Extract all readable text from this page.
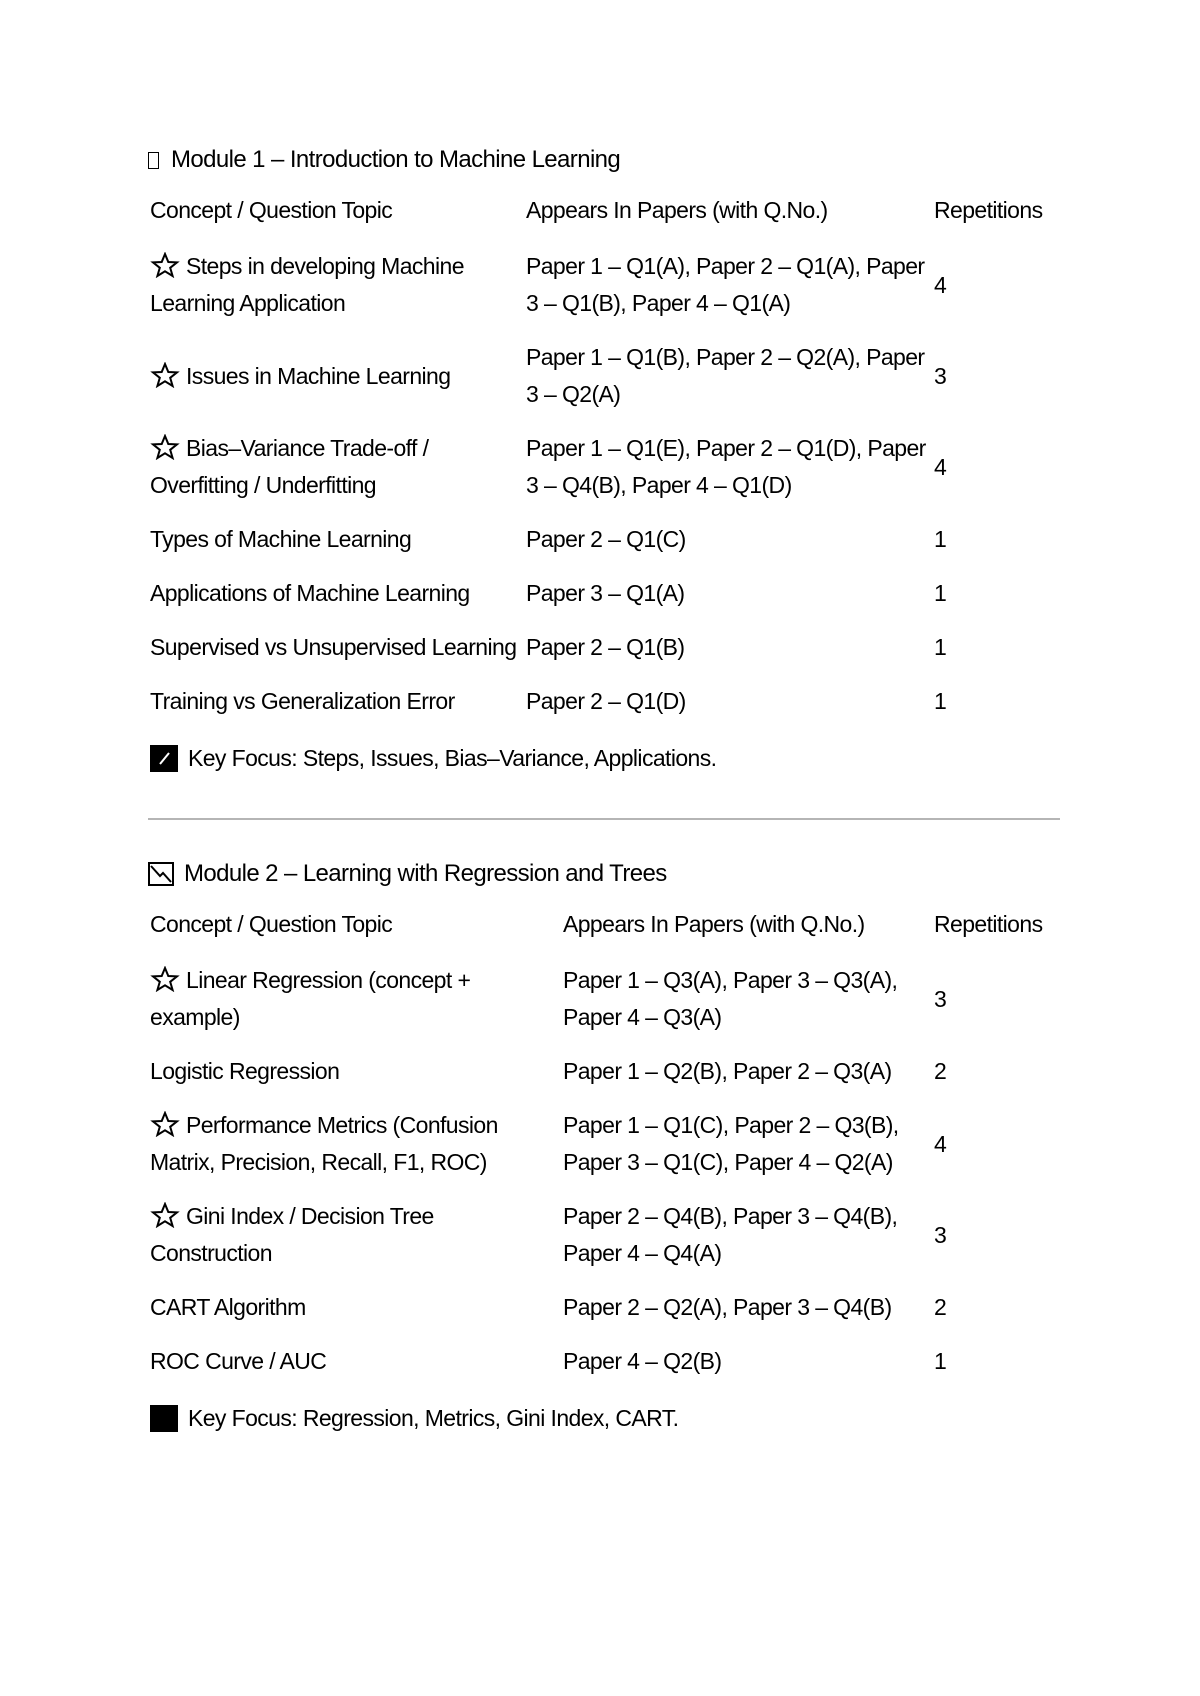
Module 1 – Introduction to Machine Learning
Concept / Question Topic	Appears In Papers (with Q.No.)	Repetitions
Steps in developing Machine Learning Application	Paper 1 – Q1(A), Paper 2 – Q1(A), Paper 3 – Q1(B), Paper 4 – Q1(A)	4
Issues in Machine Learning	Paper 1 – Q1(B), Paper 2 – Q2(A), Paper 3 – Q2(A)	3
Bias–Variance Trade-off / Overfitting / Underfitting	Paper 1 – Q1(E), Paper 2 – Q1(D), Paper 3 – Q4(B), Paper 4 – Q1(D)	4
Types of Machine Learning	Paper 2 – Q1(C)	1
Applications of Machine Learning	Paper 3 – Q1(A)	1
Supervised vs Unsupervised Learning	Paper 2 – Q1(B)	1
Training vs Generalization Error	Paper 2 – Q1(D)	1
Key Focus: Steps, Issues, Bias–Variance, Applications.
Module 2 – Learning with Regression and Trees
Concept / Question Topic	Appears In Papers (with Q.No.)	Repetitions
Linear Regression (concept + example)	Paper 1 – Q3(A), Paper 3 – Q3(A), Paper 4 – Q3(A)	3
Logistic Regression	Paper 1 – Q2(B), Paper 2 – Q3(A)	2
Performance Metrics (Confusion Matrix, Precision, Recall, F1, ROC)	Paper 1 – Q1(C), Paper 2 – Q3(B), Paper 3 – Q1(C), Paper 4 – Q2(A)	4
Gini Index / Decision Tree Construction	Paper 2 – Q4(B), Paper 3 – Q4(B), Paper 4 – Q4(A)	3
CART Algorithm	Paper 2 – Q2(A), Paper 3 – Q4(B)	2
ROC Curve / AUC	Paper 4 – Q2(B)	1
Key Focus: Regression, Metrics, Gini Index, CART.
